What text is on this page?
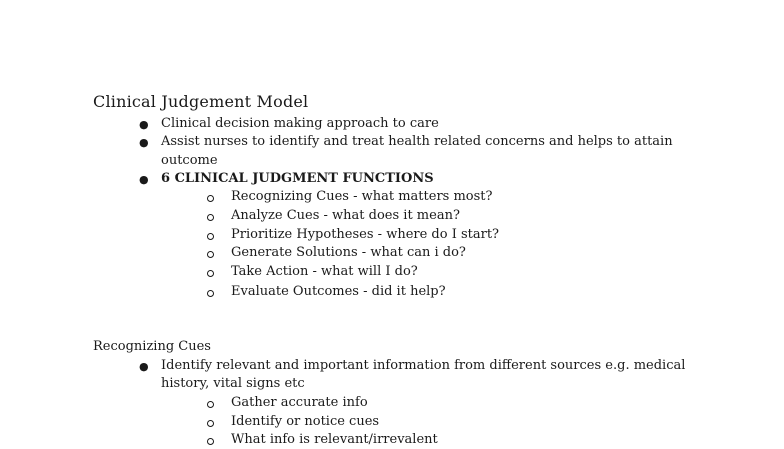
Clinical Judgement Model
● Clinical decision making approach to care
● Assist nurses to identify and treat health related concerns and helps to attain
outcome
● 6 CLINICAL JUDGMENT FUNCTIONS
Recognizing Cues - what matters most?
Analyze Cues - what does it mean?
Prioritize Hypotheses - where do I start?
Generate Solutions - what can i do?
Take Action - what will I do?
Evaluate Outcomes - did it help?
Recognizing Cues
● Identify relevant and important information from different sources e.g. medical
history, vital signs etc
Gather accurate info
Identify or notice cues
What info is relevant/irrevalent
